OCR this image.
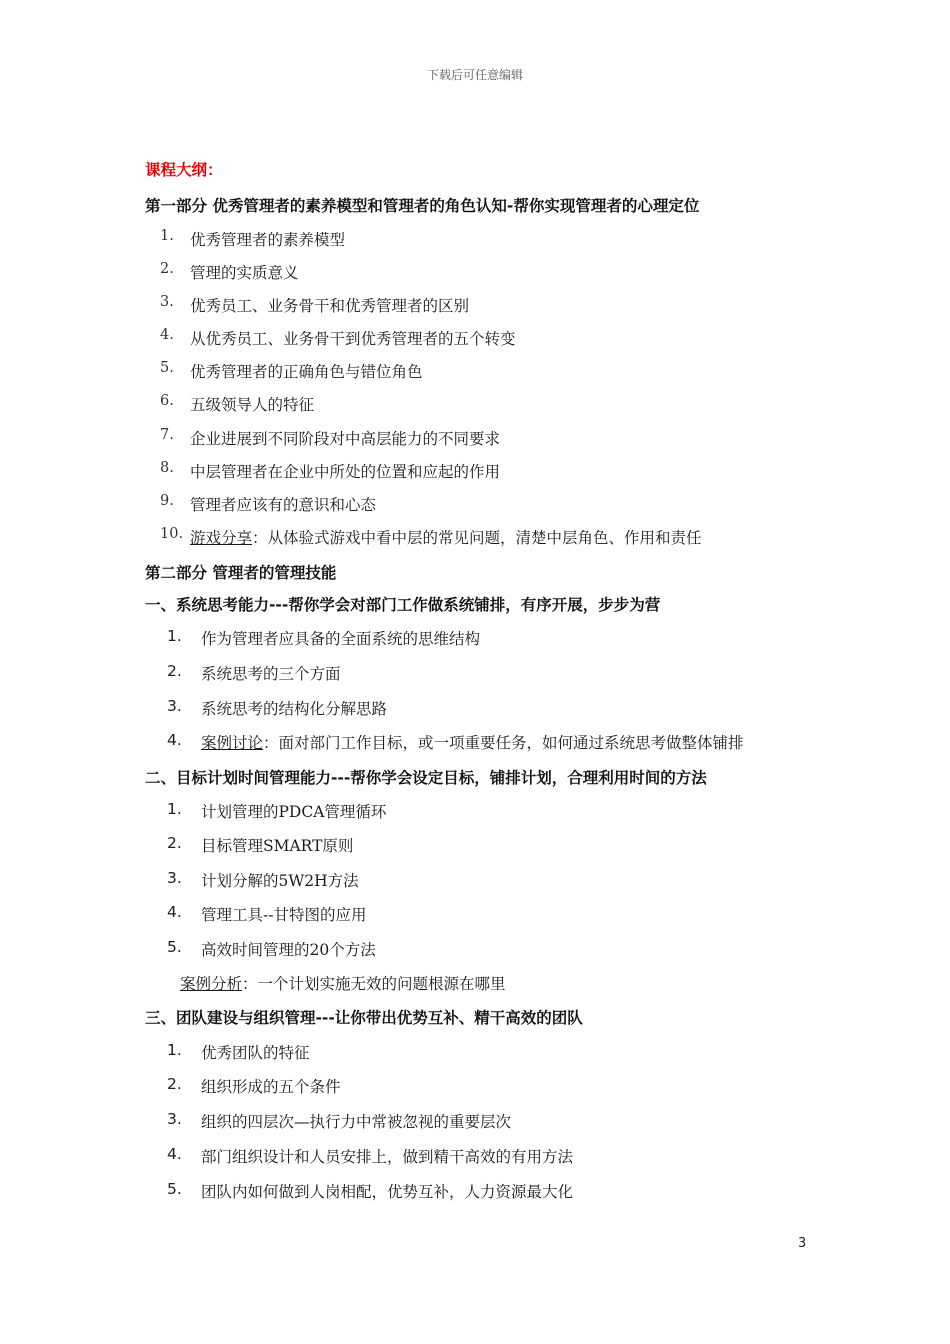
下载后可任意编辑
课程大纲：
第一部分 优秀管理者的素养模型和管理者的角色认知-帮你实现管理者的心理定位
1. 优秀管理者的素养模型
2. 管理的实质意义
3. 优秀员工、业务骨干和优秀管理者的区别
4. 从优秀员工、业务骨干到优秀管理者的五个转变
5. 优秀管理者的正确角色与错位角色
6. 五级领导人的特征
7. 企业进展到不同阶段对中高层能力的不同要求
8. 中层管理者在企业中所处的位置和应起的作用
9. 管理者应该有的意识和心态
10. 游戏分享：从体验式游戏中看中层的常见问题，清楚中层角色、作用和责任
第二部分 管理者的管理技能
一、系统思考能力---帮你学会对部门工作做系统铺排，有序开展，步步为营
1. 作为管理者应具备的全面系统的思维结构
2. 系统思考的三个方面
3. 系统思考的结构化分解思路
4. 案例讨论：面对部门工作目标，或一项重要任务，如何通过系统思考做整体铺排
二、目标计划时间管理能力---帮你学会设定目标，铺排计划，合理利用时间的方法
1. 计划管理的PDCA管理循环
2. 目标管理SMART原则
3. 计划分解的5W2H方法
4. 管理工具--甘特图的应用
5. 高效时间管理的20个方法
案例分析：一个计划实施无效的问题根源在哪里
三、团队建设与组织管理---让你带出优势互补、精干高效的团队
1. 优秀团队的特征
2. 组织形成的五个条件
3. 组织的四层次—执行力中常被忽视的重要层次
4. 部门组织设计和人员安排上，做到精干高效的有用方法
5. 团队内如何做到人岗相配，优势互补，人力资源最大化
3
